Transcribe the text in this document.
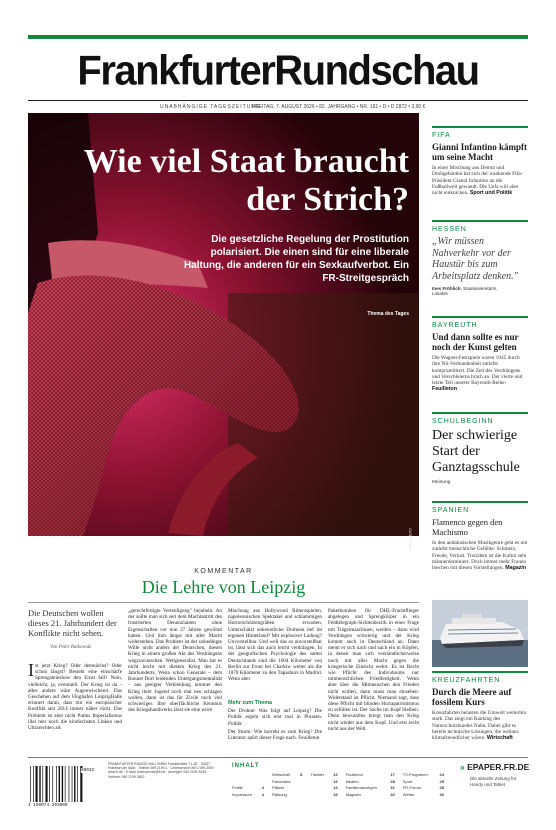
FrankfurterRundschau
UNABHÄNGIGE TAGESZEITUNG
FREITAG, 7. AUGUST 2026 • 82. JAHRGANG • NR. 181 • D • D 2872 • 3,90 €
Wie viel Staat braucht der Strich?
Die gesetzliche Regelung der Prostitution polarisiert. Die einen sind für eine liberale Haltung, die anderen für ein Sexkaufverbot. Ein FR-Streitgespräch
Thema des Tages
IMAGO/EPD
KOMMENTAR
Die Lehre von Leipzig
Die Deutschen wollen dieses 21. Jahrhundert der Konflikte nicht sehen.
Von Peter Rutkowski
Ist jetzt Krieg? Oder demnächst? Oder schon längst? Besteht eine einschärfe Sprengsteinshow den Ernst fall? Nein, vielleicht, ja, eventuell. Der Krieg ist da – alles andere wäre Augenwischerei. Das Geschehen auf dem Flughafen LeipzigHalle erinnert daran, dass mir ein europäischer Konflikt seit 2014 immer näher rückt. Das Problem ist aber nicht Putins Imperialismus illei mer noch die kindischsten Linken und Ultrarechten als
„gerechtfertigte Verteidigung" bejubeln. An der sollte man sich seit dem Machtantritt des frustrierten Denunzianten ohne Eigenschaften vor nun 27 Jahren gewöhnt haben. Und ihm längst mit aller Macht widerstehen. Das Problem ist der unbedingte Wille nicht anders der Deutschen, diesen Krieg in einem großen Akt des Verdrängens wegzuwünschen. Weltgeneralist. Man hat es nicht leicht mit diesem Krieg des 21. Jahrhunderts. Wenn schon Generale – dem Bonnet Dorr leidenden Untergangsmentalität – aus geeigter Verkleidung nimmer den Krieg ihrer Jugend noch mal neu schlagen wollen, dann ist das für Zivile noch viel schwieriger. Ihre oberflächliche Kenntnis des Kriegshandwerks lässt sie eine wirre
Mischung aus Hollywood Rittersspielen, napoleonischen Spektakel und schlammigen Horrorschützengräben erwarten. Unterschätzt unkenntliche Drohnen tief im eigenen Hinterland? Mit explosiver Ladung? Unvorstellbar. Und weil das so unvorstellbar ist, lässt sich das auch leicht verdrängen. In der geografischen Psychologie des satten Deutschlands sind die 1604 Kilometer von Berlin zur Front bei Charkiw weiter als die 1870 Kilometer zu den Tapashurs in Madrid. Wenn aber
Mehr zum Thema
Die Drohne: Was folgt auf Leipzig? Die Politik ergeht sich erst mal in Phrasen. Politik
Der Sturm: Wie korrekt es zum Krieg? Die Literatur spürt dieser Frage nach. Feuilleton
Pakethomben für DHL-Frachtflieger abgelegen und Sprengkörper in ein Feldtelegraph-Sichtenbezirk in einer Frage mit Trägermaschinen, werden – dann wird Verdrängen schwierig und der Krieg kommt auch in Deutschland an. Dann meint er sich nach und nach ein in Köpfen, in denen man sich verständlicherweise noch mit aller Macht gegen die kriegerische Einsicht wehrt. Es ist Recht wie Pflicht des Individuums nur mitmenschlichen Friedfertigkeit. Wenn aber über die Mitmenschen den Frieden nicht wollen, dann muss man einsehen: Widerstand ist Pflicht. Niemand sagt, dass diese Pflicht mit blinden Hurrapatriotismus zu erfüllen ist. Der Sache im Kopf bleiben. Denn bewusstlos kriegt man den Krieg nicht wieder aus dem Kopf. Und erst recht nicht aus der Welt.
FIFA
Gianni Infantino kämpft um seine Macht
In einer Mischung aus Demut und Drohgebärden hat sich der wankende Fifa-Präsident Gianni Infantino an die Fußballwelt gewandt. Die Uefa will aber nicht einknicken. Sport und Politik
HESSEN
„Wir müssen Nahverkehr vor der Haustür bis zum Arbeitsplatz denken."
Ines Fröhlich, Staatssekretärin,
Lokales
BAYREUTH
Und dann sollte es nur noch der Kunst gelten
Die Wagner-Festspiele waren 1945 durch ihre NS-Verbundenheit zutiefst kompromittiert. Die Zeit des Verdrängens und Verschleierns brach an. Der vierte und letzte Teil unserer Bayreuth-Reihe: Feuilleton
SCHULBEGINN
Der schwierige Start der Ganztagsschule
Meinung
SPANIEN
Flamenco gegen den Machismo
In den andalusischen Musikgenre geht es um zutiefst menschliche Gefühle: Schmerz, Freude, Verlust. Trotzdem ist die Kultur sehr männerdominiert. Doch immer mehr Frauen brechen mit diesen Vorstellungen. Magazin
KREUZFAHRTEN
Durch die Meere auf fossilem Kurs
Kreuzfahrten belasten die Umwelt weiterhin stark. Das zeigt ein Ranking des Naturschutzbundes Nabu. Dabei gibt es bereits technische Lösungen, die weitaus klimafreundlicher wären. Wirtschaft
4 198074 203900
60032
FRANKFURTER RUNDSCHAU GMBH Frankenallee 71–81 · 60327 Frankfurt am Main · Telefon 069 2199-1 · Leserservice 069 2199-3000 · www.fr.de · E-Mail: leserservice@fr.de · Anzeigen 069 2199-3433 · Vertrieb: 069 2199-3600
INHALT
		Wirtschaft	8	Theater	13	Feuilleton	17	TV-Programm	24
		Panorama			13	Medien	28	Sport	25
Politik	4	Pfälzer			14	Familienanzeigen	31	FR-Forum	28
Impressum	4	Rätsung			15	Magazin	32	Wetter	36
» EPAPER.FR.DE
Die aktuelle Zeitung für Handy und Tablet
